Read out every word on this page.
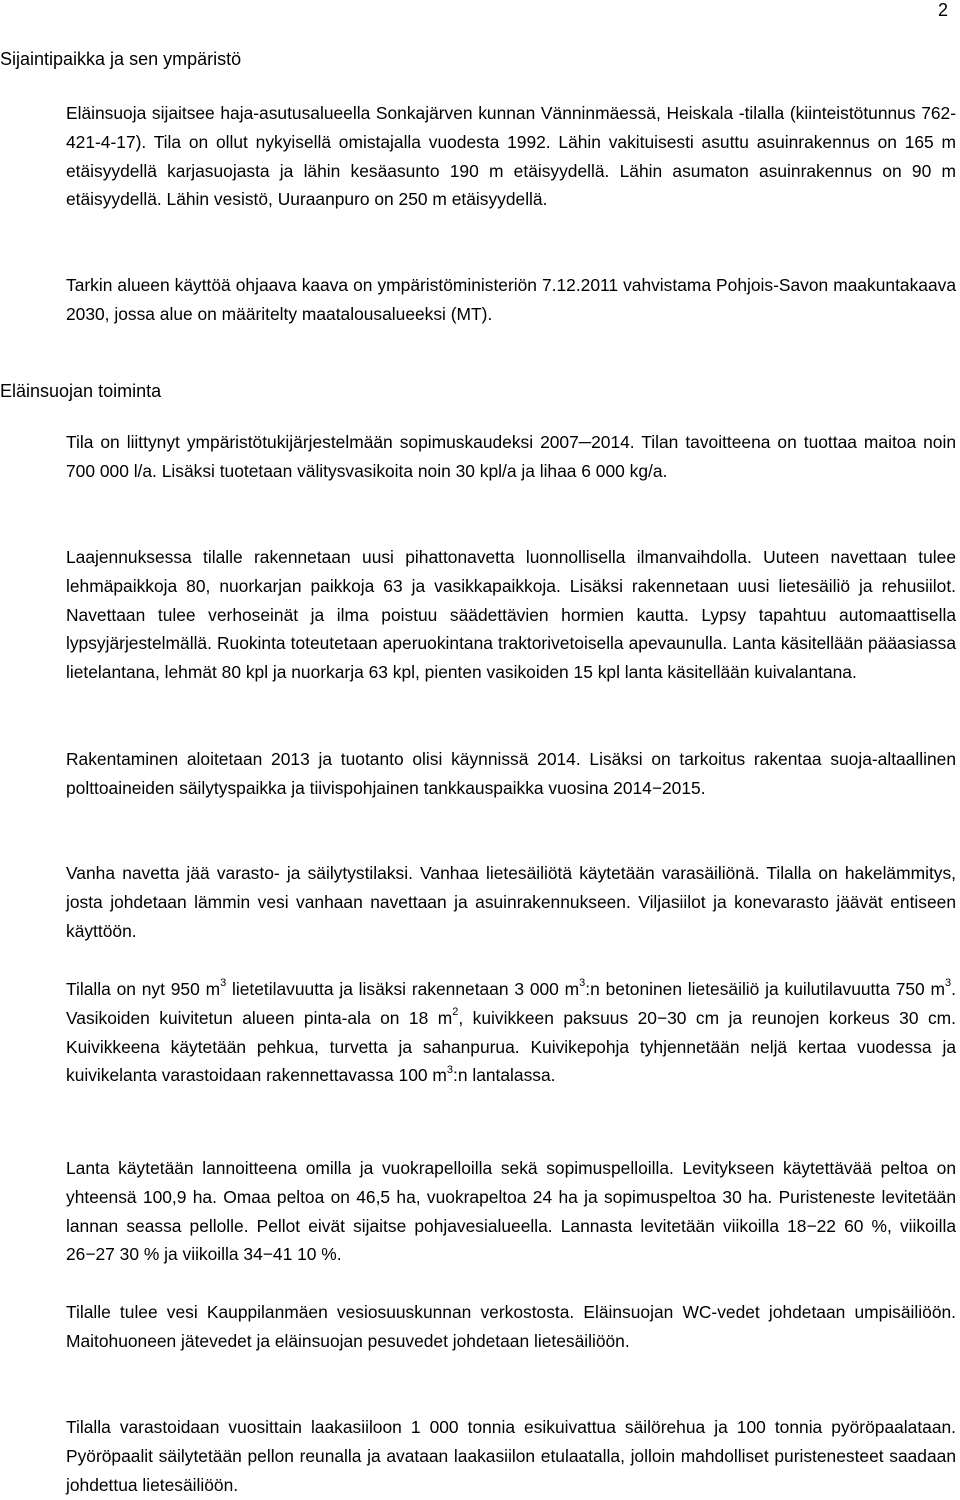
2
Sijaintipaikka ja sen ympäristö

Eläinsuoja sijaitsee haja-asutusalueella Sonkajärven kunnan Vänninmäessä, Heiskala -tilalla (kiinteistötunnus 762-421-4-17). Tila on ollut nykyisellä omistajalla vuodesta 1992. Lähin vakituisesti asuttu asuinrakennus on 165 m etäisyydellä karjasuojasta ja lähin kesäasunto 190 m etäisyydellä. Lähin asumaton asuinrakennus on 90 m etäisyydellä. Lähin vesistö, Uuraanpuro on 250 m etäisyydellä.

Tarkin alueen käyttöä ohjaava kaava on ympäristöministeriön 7.12.2011 vahvistama Pohjois-Savon maakuntakaava 2030, jossa alue on määritelty maatalousalueeksi (MT).

Eläinsuojan toiminta

Tila on liittynyt ympäristötukijärjestelmään sopimuskaudeksi 2007─2014. Tilan tavoitteena on tuottaa maitoa noin 700 000 l/a. Lisäksi tuotetaan välitysvasikoita noin 30 kpl/a ja lihaa 6 000 kg/a.

Laajennuksessa tilalle rakennetaan uusi pihattonavetta luonnollisella ilmanvaihdolla. Uuteen navettaan tulee lehmäpaikkoja 80, nuorkarjan paikkoja 63 ja vasikkapaikkoja. Lisäksi rakennetaan uusi lietesäiliö ja rehusiilot. Navettaan tulee verhoseinät ja ilma poistuu säädettävien hormien kautta. Lypsy tapahtuu automaattisella lypsyjärjestelmällä. Ruokinta toteutetaan aperuokintana traktorivetoisella apevaunulla. Lanta käsitellään pääasiassa lietelantana, lehmät 80 kpl ja nuorkarja 63 kpl, pienten vasikoiden 15 kpl lanta käsitellään kuivalantana.

Rakentaminen aloitetaan 2013 ja tuotanto olisi käynnissä 2014. Lisäksi on tarkoitus rakentaa suoja-altaallinen polttoaineiden säilytyspaikka ja tiivispohjainen tankkauspaikka vuosina 2014−2015.

Vanha navetta jää varasto- ja säilytystilaksi. Vanhaa lietesäiliötä käytetään varasäiliönä. Tilalla on hakelämmitys, josta johdetaan lämmin vesi vanhaan navettaan ja asuinrakennukseen. Viljasiilot ja konevarasto jäävät entiseen käyttöön.

Tilalla on nyt 950 $m^3$ lietetilavuutta ja lisäksi rakennetaan 3 000 $m^3:n$ betoninen lietesäiliö ja kuilutilavuutta 750 $m^3$. Vasikoiden kuivitetun alueen pinta-ala on 18 $m^2$, kuivikkeen paksuus 20−30 cm ja reunojen korkeus 30 cm. Kuivikkeena käytetään pehkua, turvetta ja sahanpurua. Kuivikepohja tyhjennetään neljä kertaa vuodessa ja kuivikelanta varastoidaan rakennettavassa 100 $m^3:n$ lantalassa.

Lanta käytetään lannoitteena omilla ja vuokrapelloilla sekä sopimuspelloilla. Levitykseen käytettävää peltoa on yhteensä 100,9 ha. Omaa peltoa on 46,5 ha, vuokrapeltoa 24 ha ja sopimuspeltoa 30 ha. Puristeneste levitetään lannan seassa pellolle. Pellot eivät sijaitse pohjavesialueella. Lannasta levitetään viikoilla 18−22 60 %, viikoilla 26−27 30 % ja viikoilla 34−41 10 %.

Tilalle tulee vesi Kauppilanmäen vesiosuuskunnan verkostosta. Eläinsuojan WC-vedet johdetaan umpisäiliöön. Maitohuoneen jätevedet ja eläinsuojan pesuvedet johdetaan lietesäiliöön.

Tilalla varastoidaan vuosittain laakasiiloon 1 000 tonnia esikuivattua säilörehua ja 100 tonnia pyöröpaalataan. Pyöröpaalit säilytetään pellon reunalla ja avataan laakasiilon etulaatalla, jolloin mahdolliset puristenesteet saadaan johdettua lietesäiliöön.
